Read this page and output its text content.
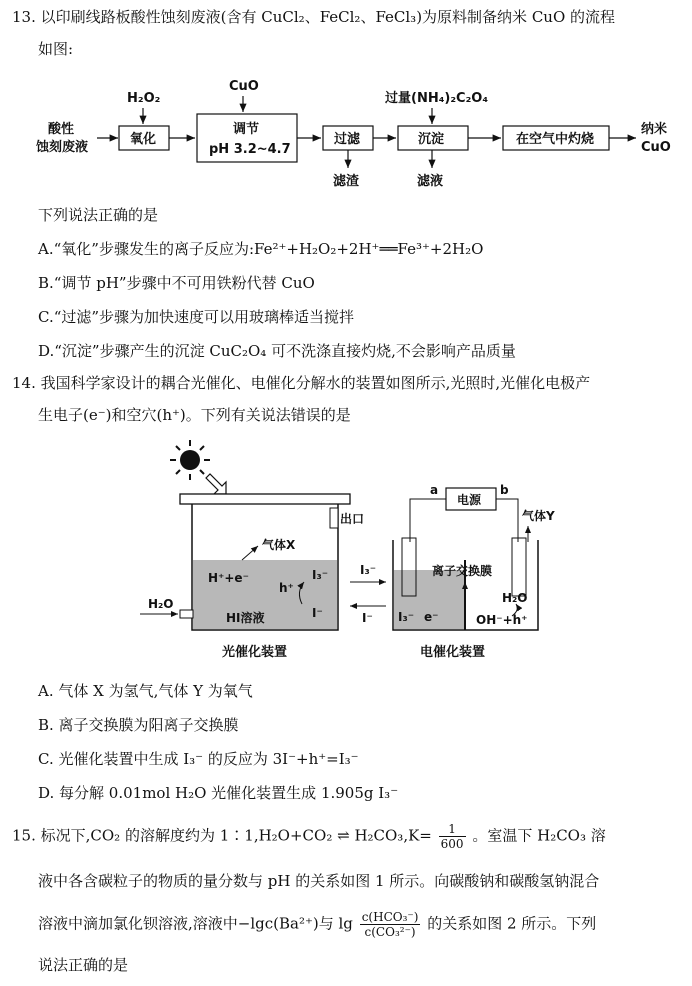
13. 以印刷线路板酸性蚀刻废液(含有 CuCl₂、FeCl₂、FeCl₃)为原料制备纳米 CuO 的流程
如图:
酸性
蚀刻废液
H₂O₂
氧化
CuO
调节
pH 3.2~4.7
过滤
滤渣
过量(NH₄)₂C₂O₄
沉淀
滤液
在空气中灼烧
纳米
CuO
下列说法正确的是
A.“氧化”步骤发生的离子反应为:Fe²⁺+H₂O₂+2H⁺══Fe³⁺+2H₂O
B.“调节 pH”步骤中不可用铁粉代替 CuO
C.“过滤”步骤为加快速度可以用玻璃棒适当搅拌
D.“沉淀”步骤产生的沉淀 CuC₂O₄ 可不洗涤直接灼烧,不会影响产品质量
14. 我国科学家设计的耦合光催化、电催化分解水的装置如图所示,光照时,光催化电极产
生电子(e⁻)和空穴(h⁺)。下列有关说法错误的是
出口
气体X
H⁺+e⁻
h⁺
I₃⁻
I⁻
HI溶液
H₂O
I₃⁻
I⁻
电源
a	b
气体Y
离子交换膜
I₃⁻ e⁻
H₂O
OH⁻+h⁺
光催化装置	电催化装置
A. 气体 X 为氢气,气体 Y 为氧气
B. 离子交换膜为阳离子交换膜
C. 光催化装置中生成 I₃⁻ 的反应为 3I⁻+h⁺=I₃⁻
D. 每分解 0.01mol H₂O 光催化装置生成 1.905g I₃⁻
15. 标况下,CO₂ 的溶解度约为 1∶1,H₂O+CO₂ ⇌ $H_2CO_3,K= \frac{1}{600}$ 。室温下 H₂CO₃ 溶
液中各含碳粒子的物质的量分数与 pH 的关系如图 1 所示。向碳酸钠和碳酸氢钠混合
溶液中滴加氯化钡溶液,溶液中−lgc(Ba²⁺)与 $\lg \frac{\text{c(HCO₃⁻)}}{\text{c(CO₃²⁻)}}$ 的关系如图 2 所示。下列
说法正确的是
